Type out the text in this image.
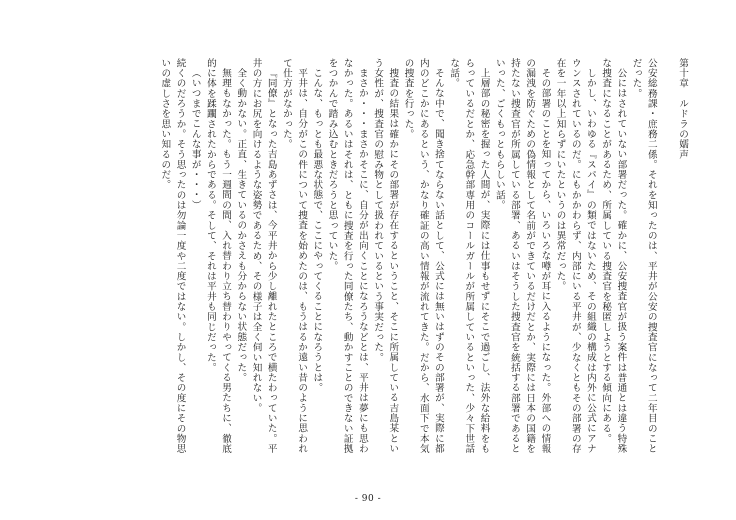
第十章　ルドラの嬬声

公安総務課・庶務二係。それを知ったのは、平井が公安の捜査官になって二年目のことだった。

公にはされていない部署だった。確かに、公安捜査官が扱う案件は普通とは違う特殊な捜査になることがあるため、所属している捜査官を秘匿しようとする傾向にある。

しかし、いわゆる『スパイ』の類ではないため、その組織の構成は内外に公式にアナウンスされているのだ。にもかかわらず、内部にいる平井が、少なくともその部署の存在を一年以上知らずにいたというのは異常だった。

その部署のことを知ってから、いろいろな噂が耳に入るようになった。外部への情報の漏洩を防ぐための偽情報として名前ができているだけだとか、実際には日本の国籍を持たない捜査官が所属している部署、あるいはそうした捜査官を統括する部署であるといった、ごくもっともらしい話。

上層部の秘密を握った人間が、実際には仕事もせずにそこで過ごし、法外な給料をもらっているだとか、応急幹部専用のコールガールが所属しているといった、少々下世話な話。

そんな中で、聞き捨てならない話として、公式には無いはずのその部署が、実際に都内のどこかにあるという、かなり確証の高い情報が流れてきた。だから、水面下で本気の捜査を行った。

捜査の結果は確かにその部署が存在するということ、そこに所属している吉島某という女性が、捜査官の慰み物として扱われているという事実だった。

まさか・・・まさかそこに、自分が出向くことになろうなどとは、平井は夢にも思わなかった。あるいはそれは、ともに捜査を行った同僚たち、動かすことのできない証拠をつかんで踏み込むときだろうと思っていた。

こんな、もっとも最悪な状態で、ここにやってくることになろうとは。

平井は、自分がこの件について捜査を始めたのは、もうはるか遠い昔のように思われて仕方がなかった。

『同僚』となった吉島あずさは、今平井から少し離れたところで横たわっていた。平井の方にお尻を向けるような姿勢であるため、その様子は全く伺い知れない。

全く動かない。正直、生きているのかさえも分からない状態だった。

無理もなかった。もう一週間の間、入れ替わり立ち替わりやってくる男たちに、徹底的に体を蹂躙されたからである。そして、それは平井も同じだった。

（いつまでこんな事が・・・）

続くのだろうか。そう思ったのは勿論一度や二度ではない。しかし、その度にその物思いの虚しさを思い知るのだ。

- 90 -
